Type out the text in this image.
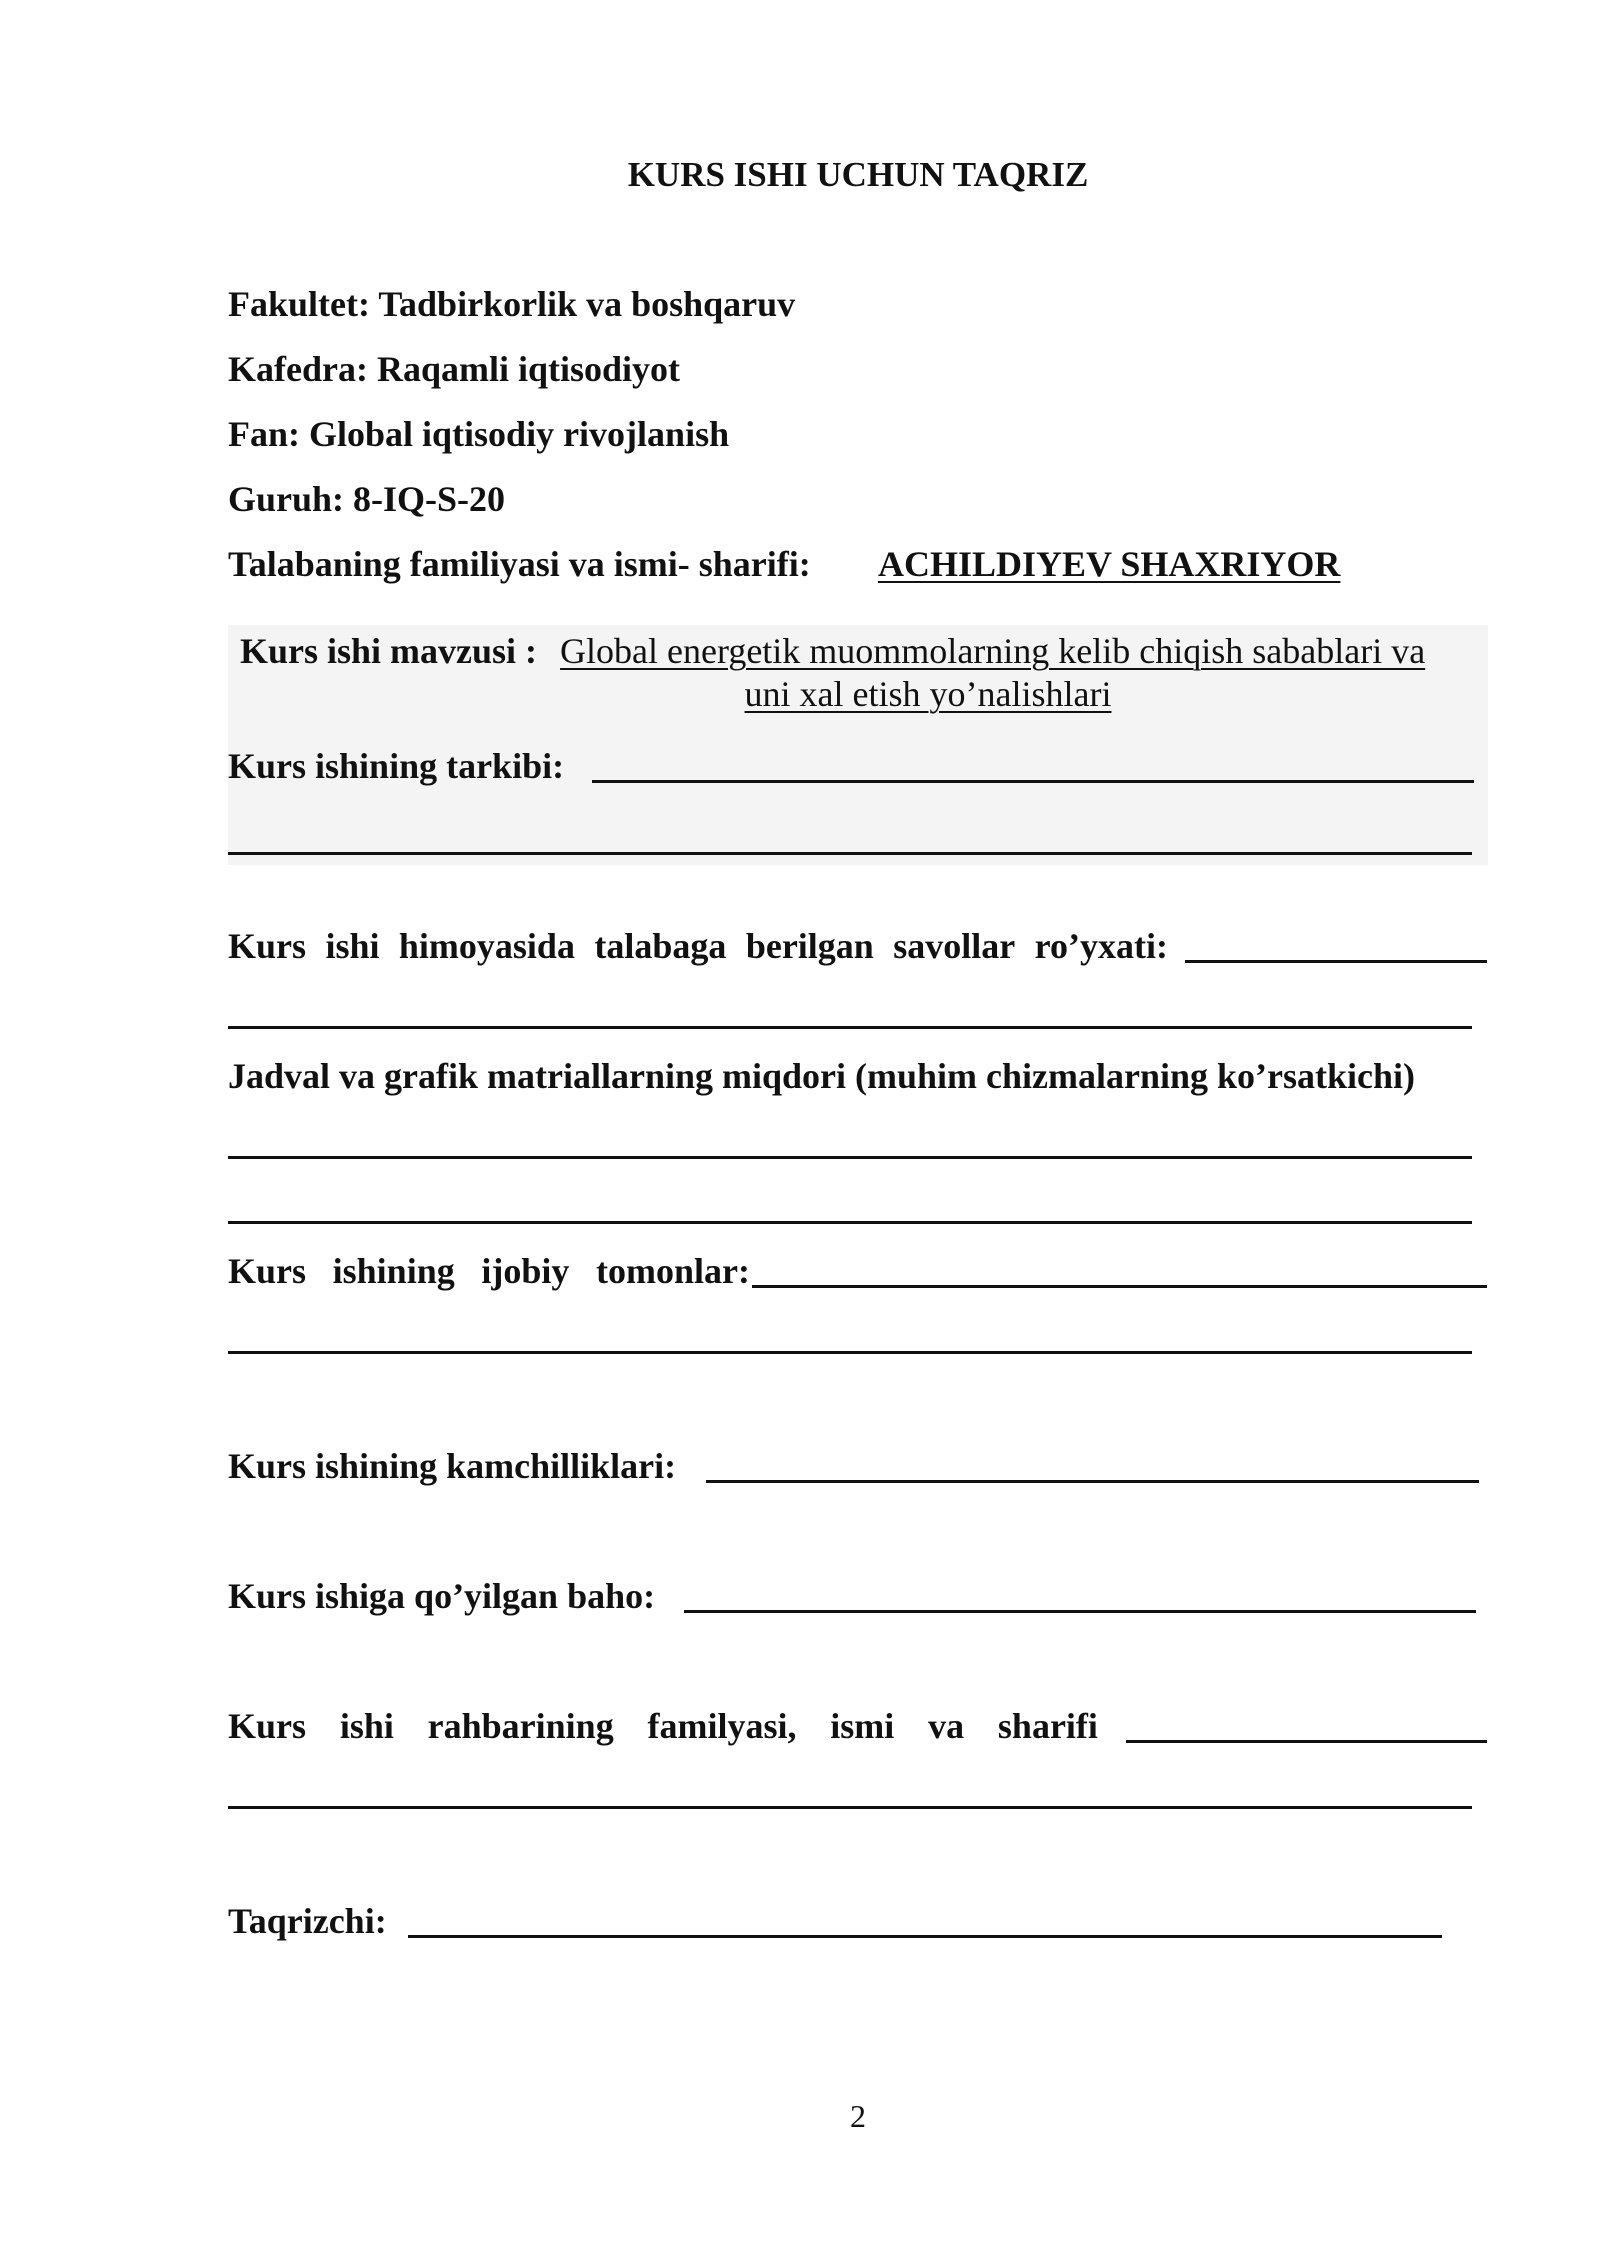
KURS ISHI UCHUN TAQRIZ
Fakultet: Tadbirkorlik va boshqaruv
Kafedra: Raqamli iqtisodiyot
Fan: Global iqtisodiy rivojlanish
Guruh: 8-IQ-S-20
Talabaning familiyasi va ismi- sharifi: ACHILDIYEV SHAXRIYOR
Kurs ishi mavzusi : Global energetik muommolarning kelib chiqish sabablari va
uni xal etish yo’nalishlari
Kurs ishining tarkibi:
Kurs ishi himoyasida talabaga berilgan savollar ro’yxati:
Jadval va grafik matriallarning miqdori (muhim chizmalarning ko’rsatkichi)
Kurs ishining ijobiy tomonlar:
Kurs ishining kamchilliklari:
Kurs ishiga qo’yilgan baho:
Kurs ishi rahbarining familyasi, ismi va sharifi
Taqrizchi:
2
